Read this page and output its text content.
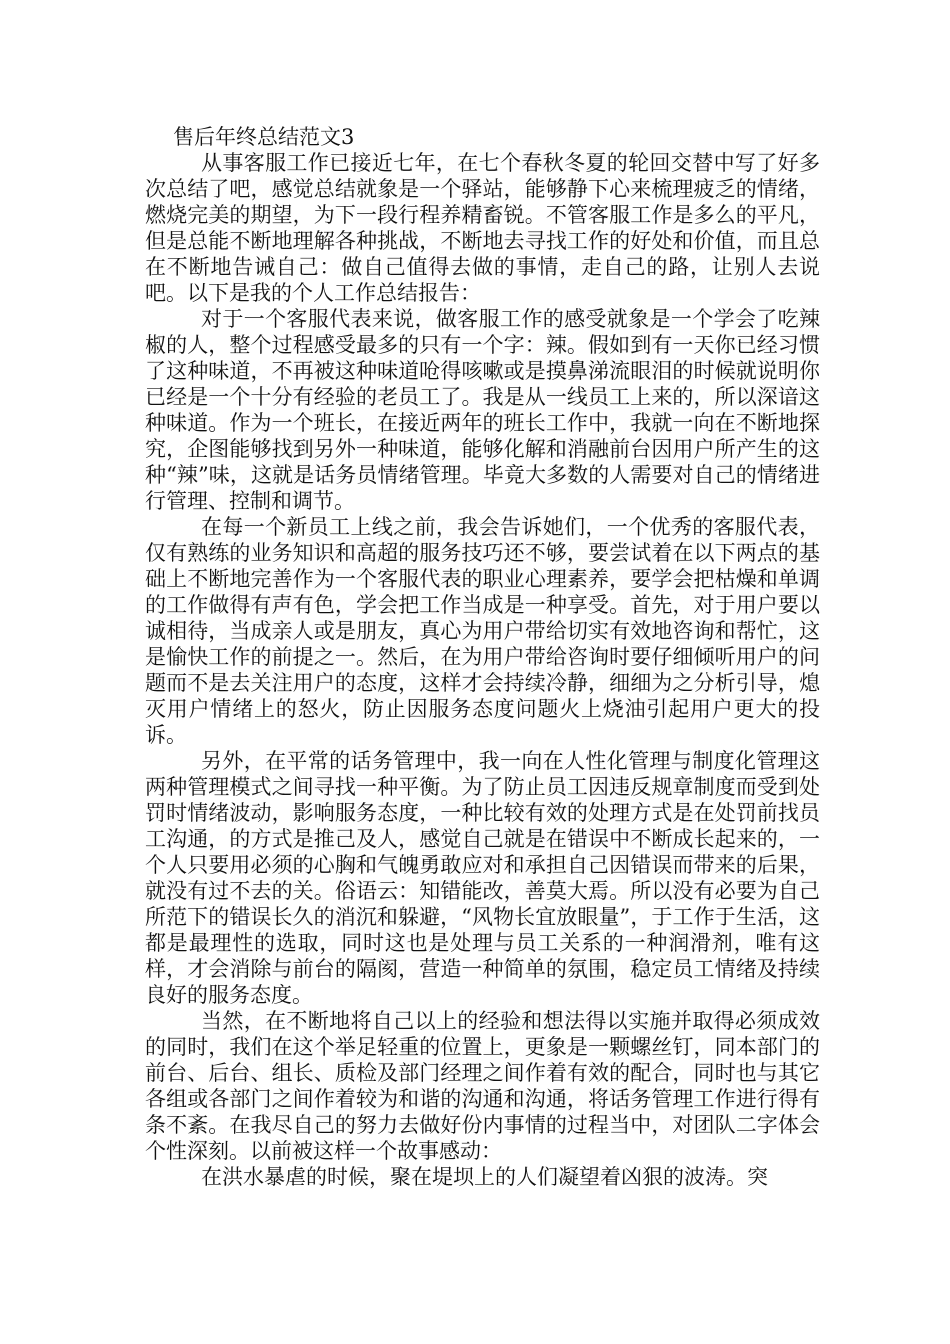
售后年终总结范文3

从事客服工作已接近七年，在七个春秋冬夏的轮回交替中写了好多次总结了吧，感觉总结就象是一个驿站，能够静下心来梳理疲乏的情绪，燃烧完美的期望，为下一段行程养精畜锐。不管客服工作是多么的平凡，但是总能不断地理解各种挑战，不断地去寻找工作的好处和价值，而且总在不断地告诫自己：做自己值得去做的事情，走自己的路，让别人去说吧。以下是我的个人工作总结报告：

对于一个客服代表来说，做客服工作的感受就象是一个学会了吃辣椒的人，整个过程感受最多的只有一个字：辣。假如到有一天你已经习惯了这种味道，不再被这种味道呛得咳嗽或是摸鼻涕流眼泪的时候就说明你已经是一个十分有经验的老员工了。我是从一线员工上来的，所以深谙这种味道。作为一个班长，在接近两年的班长工作中，我就一向在不断地探究，企图能够找到另外一种味道，能够化解和消融前台因用户所产生的这种“辣”味，这就是话务员情绪管理。毕竟大多数的人需要对自己的情绪进行管理、控制和调节。

在每一个新员工上线之前，我会告诉她们，一个优秀的客服代表，仅有熟练的业务知识和高超的服务技巧还不够，要尝试着在以下两点的基础上不断地完善作为一个客服代表的职业心理素养，要学会把枯燥和单调的工作做得有声有色，学会把工作当成是一种享受。首先，对于用户要以诚相待，当成亲人或是朋友，真心为用户带给切实有效地咨询和帮忙，这是愉快工作的前提之一。然后，在为用户带给咨询时要仔细倾听用户的问题而不是去关注用户的态度，这样才会持续冷静，细细为之分析引导，熄灭用户情绪上的怒火，防止因服务态度问题火上烧油引起用户更大的投诉。

另外，在平常的话务管理中，我一向在人性化管理与制度化管理这两种管理模式之间寻找一种平衡。为了防止员工因违反规章制度而受到处罚时情绪波动，影响服务态度，一种比较有效的处理方式是在处罚前找员工沟通，的方式是推己及人，感觉自己就是在错误中不断成长起来的，一个人只要用必须的心胸和气魄勇敢应对和承担自己因错误而带来的后果，就没有过不去的关。俗语云：知错能改，善莫大焉。所以没有必要为自己所范下的错误长久的消沉和躲避，“风物长宜放眼量”，于工作于生活，这都是最理性的选取，同时这也是处理与员工关系的一种润滑剂，唯有这样，才会消除与前台的隔阂，营造一种简单的氛围，稳定员工情绪及持续良好的服务态度。

当然，在不断地将自己以上的经验和想法得以实施并取得必须成效的同时，我们在这个举足轻重的位置上，更象是一颗螺丝钉，同本部门的前台、后台、组长、质检及部门经理之间作着有效的配合，同时也与其它各组或各部门之间作着较为和谐的沟通和沟通，将话务管理工作进行得有条不紊。在我尽自己的努力去做好份内事情的过程当中，对团队二字体会个性深刻。以前被这样一个故事感动：

在洪水暴虐的时候，聚在堤坝上的人们凝望着凶狠的波涛。突
